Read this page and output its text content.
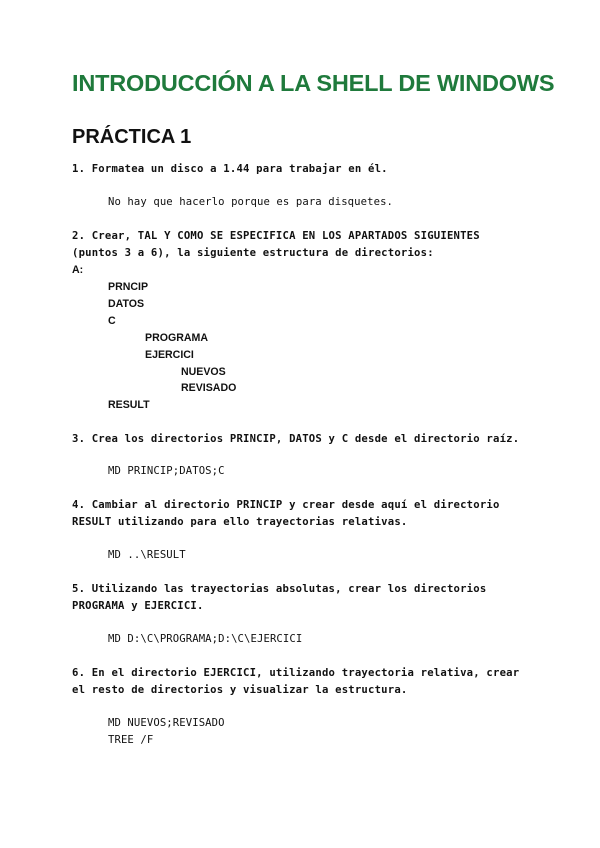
INTRODUCCIÓN A LA SHELL DE WINDOWS
PRÁCTICA 1

1. Formatea un disco a 1.44 para trabajar en él.

No hay que hacerlo porque es para disquetes.

2. Crear, TAL Y COMO SE ESPECIFICA EN LOS APARTADOS SIGUIENTES

(puntos 3 a 6), la siguiente estructura de directorios:

A:

PRNCIP

DATOS

C

PROGRAMA

EJERCICI

NUEVOS

REVISADO

RESULT

3. Crea los directorios PRINCIP, DATOS y C desde el directorio raíz.

MD PRINCIP;DATOS;C

4. Cambiar al directorio PRINCIP y crear desde aquí el directorio

RESULT utilizando para ello trayectorias relativas.

MD ..\RESULT

5. Utilizando las trayectorias absolutas, crear los directorios

PROGRAMA y EJERCICI.

MD D:\C\PROGRAMA;D:\C\EJERCICI

6. En el directorio EJERCICI, utilizando trayectoria relativa, crear

el resto de directorios y visualizar la estructura.

MD NUEVOS;REVISADO

TREE /F
